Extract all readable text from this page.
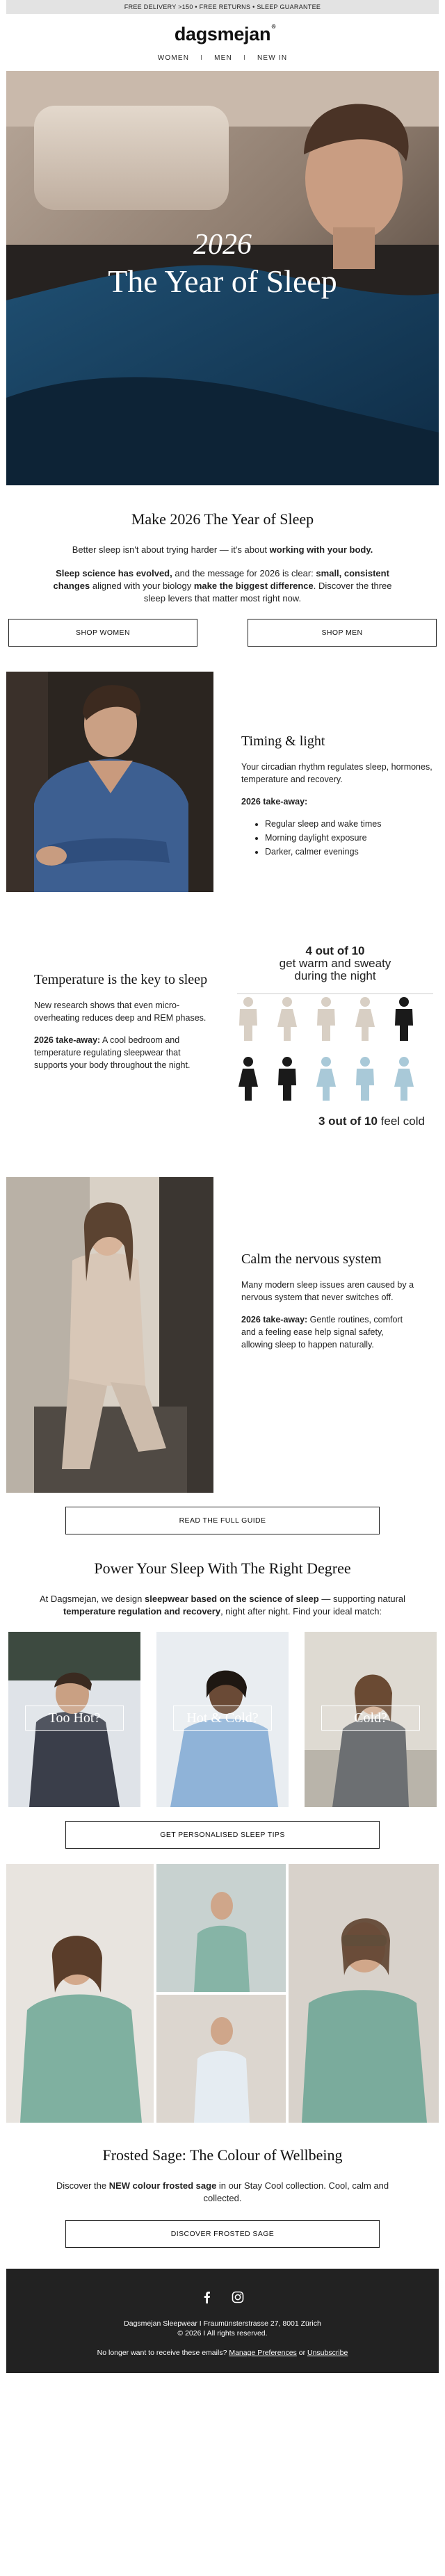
FREE DELIVERY >150 • FREE RETURNS • SLEEP GUARANTEE
dagsmejan ®
WOMEN I MEN I NEW IN
2026
The Year of Sleep
Make 2026 The Year of Sleep

Better sleep isn't about trying harder — it's about working with your body.

Sleep science has evolved, and the message for 2026 is clear: small, consistent changes aligned with your biology make the biggest difference. Discover the three sleep levers that matter most right now.

SHOP WOMEN	SHOP MEN
Timing & light
Your circadian rhythm regulates sleep, hormones, temperature and recovery.
2026 take-away:
• Regular sleep and wake times
• Morning daylight exposure
• Darker, calmer evenings
Temperature is the key to sleep
New research shows that even micro-overheating reduces deep and REM phases.
2026 take-away: A cool bedroom and temperature regulating sleepwear that supports your body throughout the night.
4 out of 10
get warm and sweaty during the night
3 out of 10 feel cold
Calm the nervous system
Many modern sleep issues aren caused by a nervous system that never switches off.
2026 take-away: Gentle routines, comfort and a feeling ease help signal safety, allowing sleep to happen naturally.
READ THE FULL GUIDE
Power Your Sleep With The Right Degree

At Dagsmejan, we design sleepwear based on the science of sleep — supporting natural temperature regulation and recovery, night after night. Find your ideal match:

Too Hot?	Hot & Cold?	Cold?
GET PERSONALISED SLEEP TIPS
Frosted Sage: The Colour of Wellbeing

Discover the NEW colour frosted sage in our Stay Cool collection. Cool, calm and collected.

DISCOVER FROSTED SAGE
Dagsmejan Sleepwear I Fraumünsterstrasse 27, 8001 Zürich
© 2026 I All rights reserved.
No longer want to receive these emails? Manage Preferences or Unsubscribe
